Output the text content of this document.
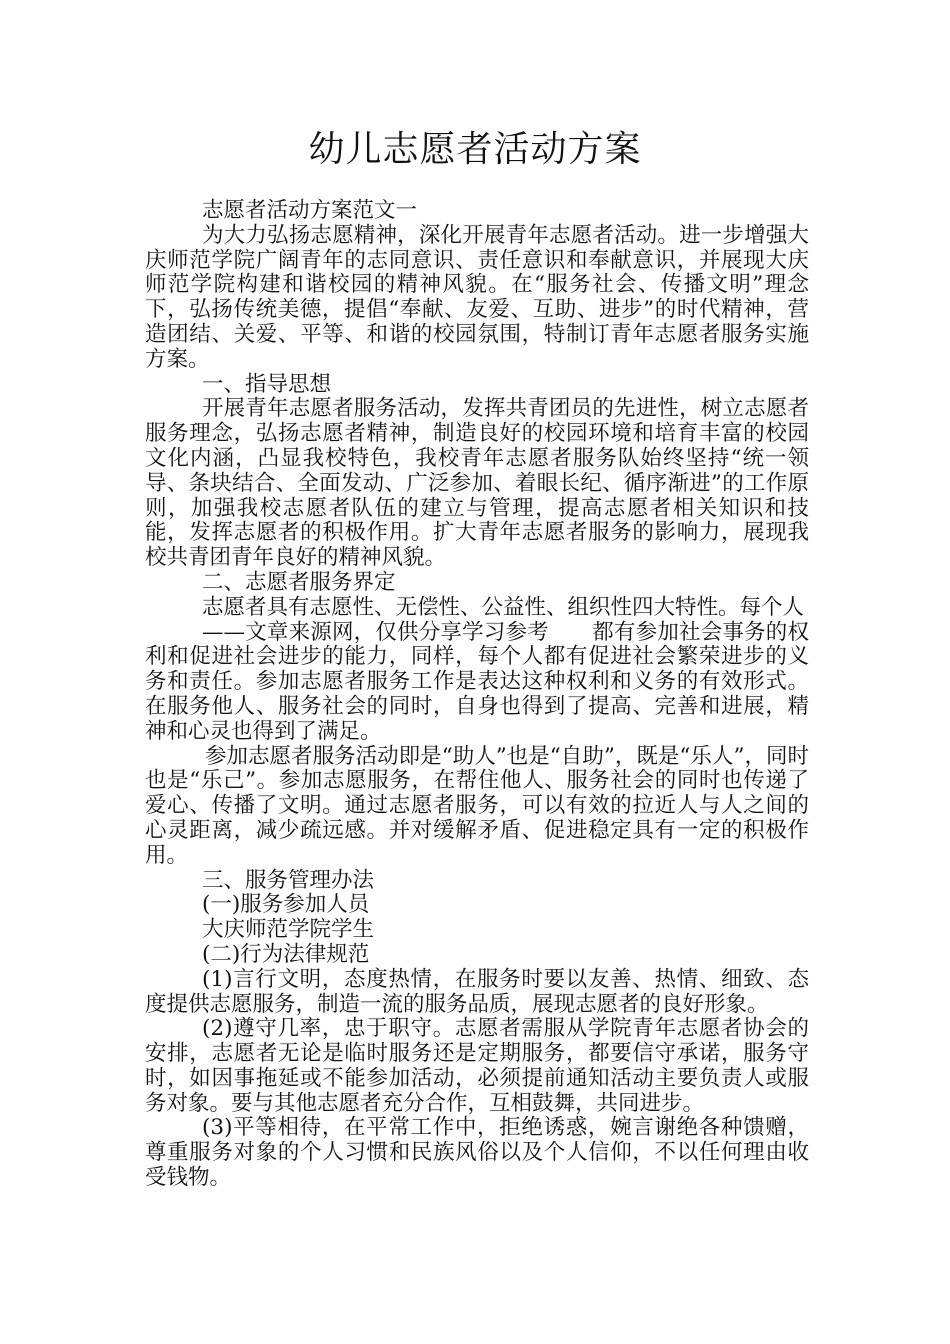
幼儿志愿者活动方案

志愿者活动方案范文一

为大力弘扬志愿精神，深化开展青年志愿者活动。进一步增强大庆师范学院广阔青年的志同意识、责任意识和奉献意识，并展现大庆师范学院构建和谐校园的精神风貌。在“服务社会、传播文明”理念下，弘扬传统美德，提倡“奉献、友爱、互助、进步”的时代精神，营造团结、关爱、平等、和谐的校园氛围，特制订青年志愿者服务实施方案。

一、指导思想

开展青年志愿者服务活动，发挥共青团员的先进性，树立志愿者服务理念，弘扬志愿者精神，制造良好的校园环境和培育丰富的校园文化内涵，凸显我校特色，我校青年志愿者服务队始终坚持“统一领导、条块结合、全面发动、广泛参加、着眼长纪、循序渐进”的工作原则，加强我校志愿者队伍的建立与管理，提高志愿者相关知识和技能，发挥志愿者的积极作用。扩大青年志愿者服务的影响力，展现我校共青团青年良好的精神风貌。

二、志愿者服务界定

志愿者具有志愿性、无偿性、公益性、组织性四大特性。每个人

——文章来源网，仅供分享学习参考　　都有参加社会事务的权利和促进社会进步的能力，同样，每个人都有促进社会繁荣进步的义务和责任。参加志愿者服务工作是表达这种权利和义务的有效形式。在服务他人、服务社会的同时，自身也得到了提高、完善和进展，精神和心灵也得到了满足。

参加志愿者服务活动即是“助人”也是“自助”，既是“乐人”，同时也是“乐己”。参加志愿服务，在帮住他人、服务社会的同时也传递了爱心、传播了文明。通过志愿者服务，可以有效的拉近人与人之间的心灵距离，减少疏远感。并对缓解矛盾、促进稳定具有一定的积极作用。

三、服务管理办法

(一)服务参加人员

大庆师范学院学生

(二)行为法律规范

(1)言行文明，态度热情，在服务时要以友善、热情、细致、态度提供志愿服务，制造一流的服务品质，展现志愿者的良好形象。

(2)遵守几率，忠于职守。志愿者需服从学院青年志愿者协会的安排，志愿者无论是临时服务还是定期服务，都要信守承诺，服务守时，如因事拖延或不能参加活动，必须提前通知活动主要负责人或服务对象。要与其他志愿者充分合作，互相鼓舞，共同进步。

(3)平等相待，在平常工作中，拒绝诱惑，婉言谢绝各种馈赠，尊重服务对象的个人习惯和民族风俗以及个人信仰，不以任何理由收受钱物。
